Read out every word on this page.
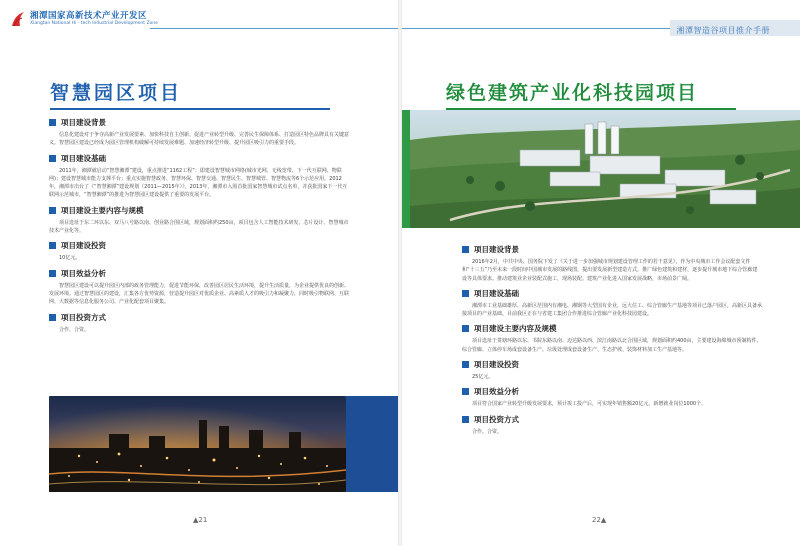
湘潭国家高新技术产业开发区
Xiangtan National Hi - tech Industrial Development Zone
智慧园区项目
项目建设背景
信息化建设对于争夺高新产业发展要素、加快科技自主创新、促进产业转型升级、完善民生保障体系、打造园区特色品牌具有关键意义。智慧园区建设已经成为园区管理机构破解可持续发展难题、加速经济转型升级、提升园区吸引力的重要手段。
项目建设基础
2011年，湘潭就启动“智慧湘潭”建设，重点推进“1162工程”：即建设智慧城市网络(城市光网、无线宽带、下一代互联网、物联网)；建设智慧城市能力支撑平台；重点实施智慧政务、智慧环保、智慧交通、智慧民生、智慧城管、智慧物流等6个示范应用。2012年，湘潭市出台了《“智慧湘潭”建设规划（2011—2015年）》。2013年，湘潭市入围首批国家智慧城市试点名单，并获批国家下一代互联网示范城市，“智慧湘潭”的推进为智慧园区建设提供了重要的发展平台。
项目建设主要内容与规模
项目选址于东二环以东、双马八号路以南、创业路合围区域，规划面积约250亩，项目包含人工智能技术研发、芯片设计、智慧城市技术产业化等。
项目建设投资
10亿元。
项目效益分析
智慧园区建设可以提升园区内部的政务管理能力，促进节能环保，改善园区居民生活环境，提升生活质量，为企业提供优良的创新、发展环境。通过智慧园区的建设，汇集各方优势资源，营造提升园区对优质企业、高素质人才的吸引力和凝聚力，同时吸引物联网、互联网、大数据等信息化服务公司、产业化配套项目聚集。
项目投资方式
合作、合资。
▲21
湘潭智造谷项目推介手册
绿色建筑产业化科技园项目
项目建设背景
2016年2月，中共中央、国务院下发了《关于进一步加强城市规划建设管理工作的若干意见》，作为中央城市工作会议配套文件和“十三五”乃至未来一段时间中国城市发展的路线图，提出要发展新型建造方式，推广绿色建筑和建材，逐步提升城市地下综合管廊建设等具体要求。推动建筑业企业装配式施工，现场装配。建筑产业化进入国家发展战略，市场前景广阔。
项目建设基础
湘潭市工业基础雄厚，高新区范围内有湘电、湘钢等大型国有企业，远大住工、综合管廊生产基地等项目已落户园区，高新区具备承接项目的产业基础。目前我区正在与省建工集团合作推进综合管廊产业化科技园建设。
项目建设主要内容及规模
项目选址于贯塘环路以东、书院东路以南、迈达路以西、滨江南路以北合围区域，规划面积约400亩，主要建设海绵城市预制构件、综合管廊、立体停车场成套设备生产、垃圾处理成套设备生产、生态护坡、装饰材料加工生产基地等。
项目建设投资
25亿元。
项目效益分析
项目符合国家产业转型升级发展要求，预计竣工投产后，可实现年销售额20亿元，新增就业岗位1000个。
项目投资方式
合作、合资。
22▲
